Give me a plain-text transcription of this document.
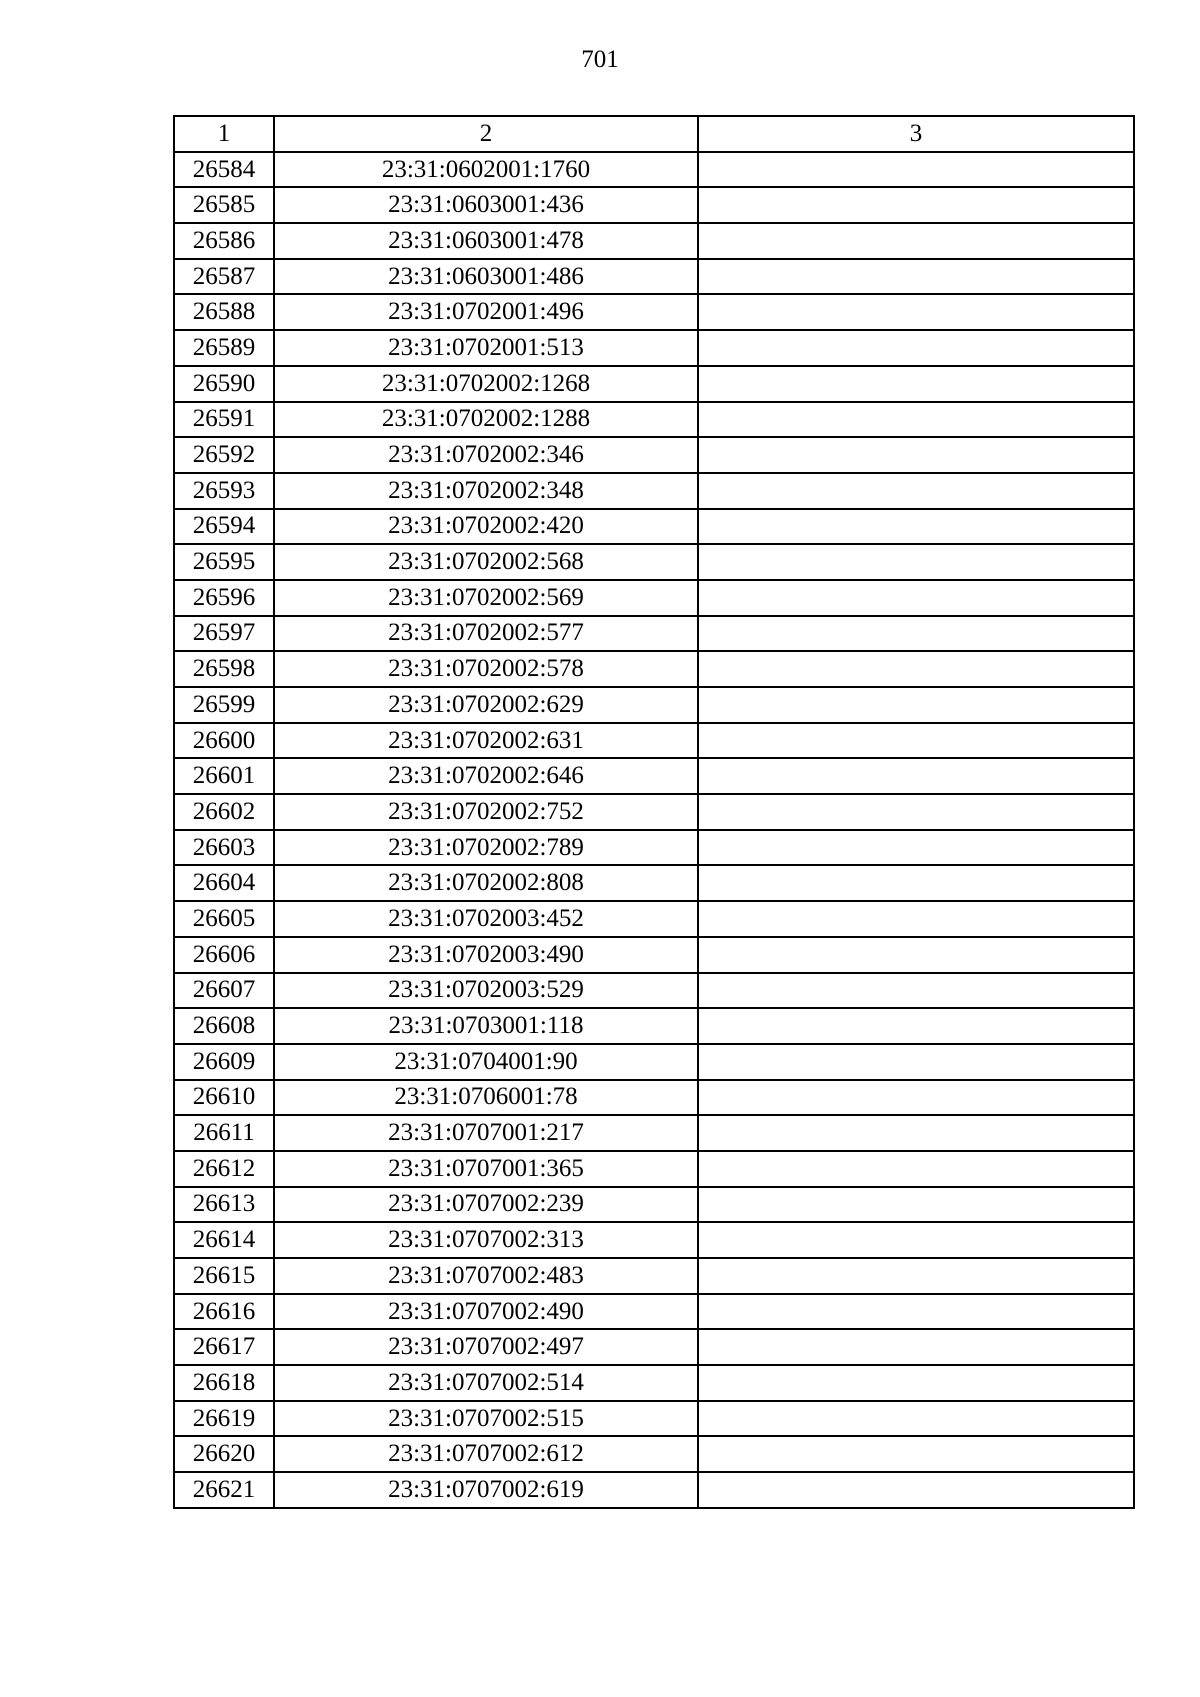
701
1	2	3
26584	23:31:0602001:1760	
26585	23:31:0603001:436	
26586	23:31:0603001:478	
26587	23:31:0603001:486	
26588	23:31:0702001:496	
26589	23:31:0702001:513	
26590	23:31:0702002:1268	
26591	23:31:0702002:1288	
26592	23:31:0702002:346	
26593	23:31:0702002:348	
26594	23:31:0702002:420	
26595	23:31:0702002:568	
26596	23:31:0702002:569	
26597	23:31:0702002:577	
26598	23:31:0702002:578	
26599	23:31:0702002:629	
26600	23:31:0702002:631	
26601	23:31:0702002:646	
26602	23:31:0702002:752	
26603	23:31:0702002:789	
26604	23:31:0702002:808	
26605	23:31:0702003:452	
26606	23:31:0702003:490	
26607	23:31:0702003:529	
26608	23:31:0703001:118	
26609	23:31:0704001:90	
26610	23:31:0706001:78	
26611	23:31:0707001:217	
26612	23:31:0707001:365	
26613	23:31:0707002:239	
26614	23:31:0707002:313	
26615	23:31:0707002:483	
26616	23:31:0707002:490	
26617	23:31:0707002:497	
26618	23:31:0707002:514	
26619	23:31:0707002:515	
26620	23:31:0707002:612	
26621	23:31:0707002:619	
